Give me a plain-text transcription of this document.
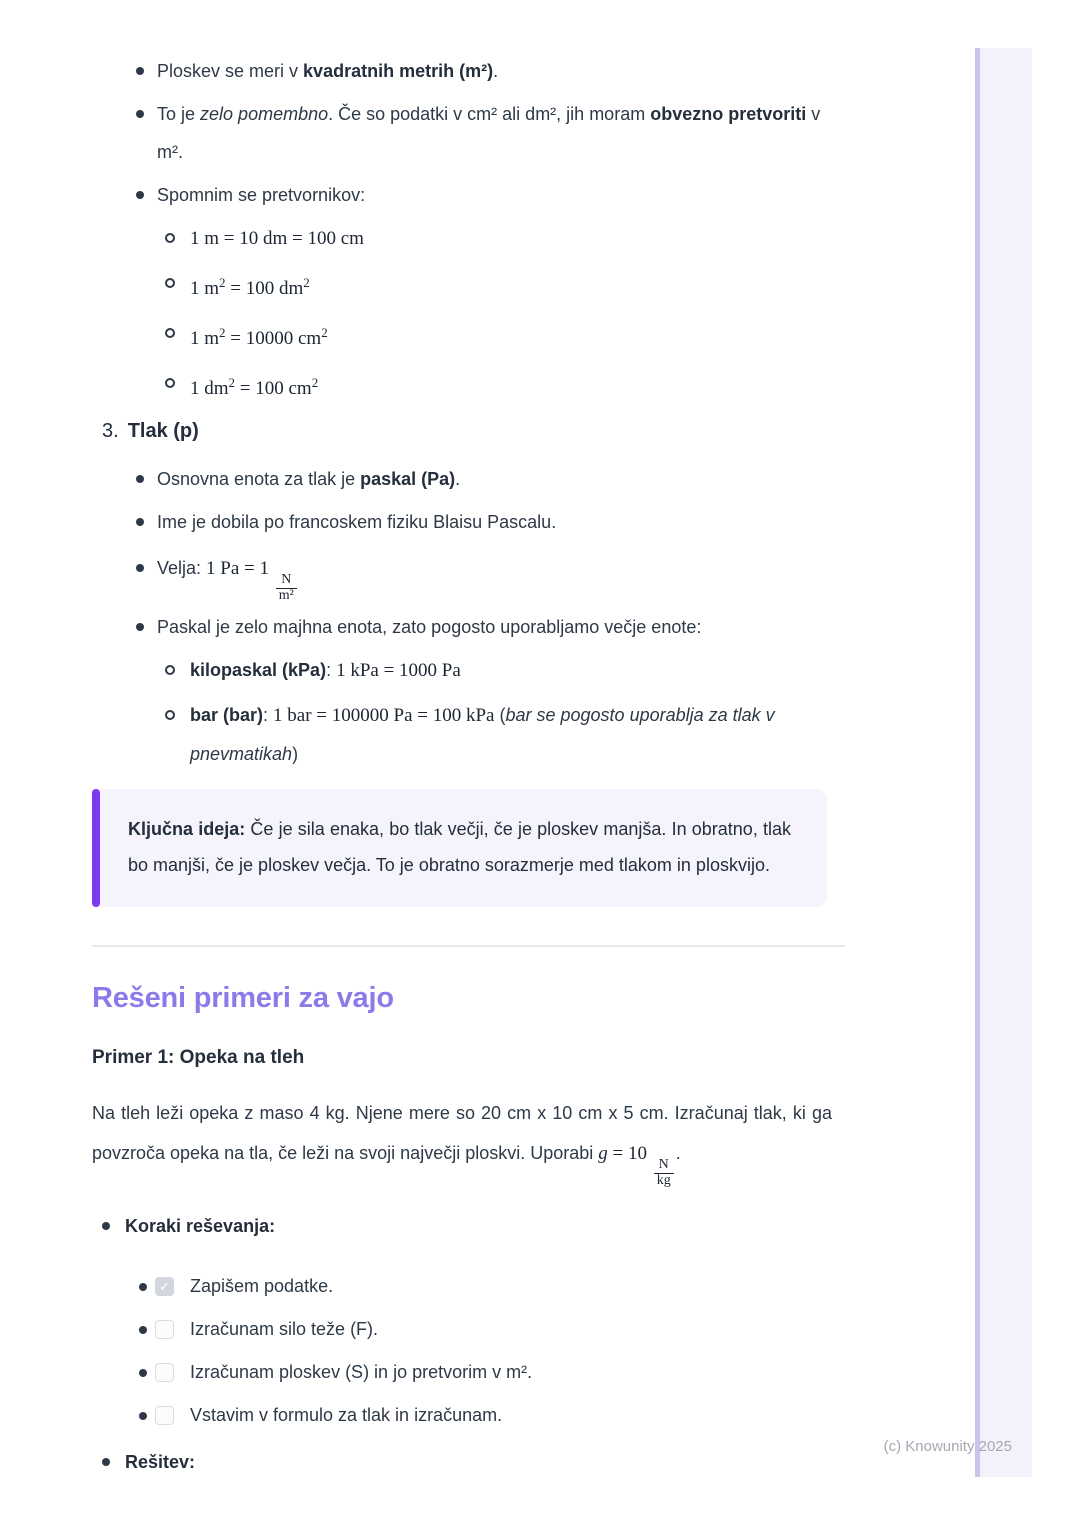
(c) Knowunity 2025
Ploskev se meri v kvadratnih metrih (m²).
To je zelo pomembno. Če so podatki v cm² ali dm², jih moram obvezno pretvoriti v m².
Spomnim se pretvornikov:
1 m = 10 dm = 100 cm
1 $m^2 = 100$ $dm^2$
1 $m^2 = 10000$ $cm^2$
1 $dm^2 = 100$ $cm^2$
3. Tlak (p)
Osnovna enota za tlak je paskal (Pa).
Ime je dobila po francoskem fiziku Blaisu Pascalu.
Velja: 1 Pa = 1
$\frac{N}{\text{m²}}$
Paskal je zelo majhna enota, zato pogosto uporabljamo večje enote:
kilopaskal (kPa): 1 kPa = 1000 Pa
bar (bar): 1 bar = 100000 Pa = 100 kPa (bar se pogosto uporablja za tlak v pnevmatikah)
Ključna ideja: Če je sila enaka, bo tlak večji, če je ploskev manjša. In obratno, tlak bo manjši, če je ploskev večja. To je obratno sorazmerje med tlakom in ploskvijo.
Rešeni primeri za vajo
Primer 1: Opeka na tleh

Na tleh leži opeka z maso 4 kg. Njene mere so 20 cm x 10 cm x 5 cm. Izračunaj tlak, ki ga povzroča opeka na tla, če leži na svoji največji ploskvi. Uporabi g = 10
$\frac{N}{kg}$
.

Koraki reševanja:
✓ Zapišem podatke.
Izračunam silo teže (F).
Izračunam ploskev (S) in jo pretvorim v m².
Vstavim v formulo za tlak in izračunam.
Rešitev:
